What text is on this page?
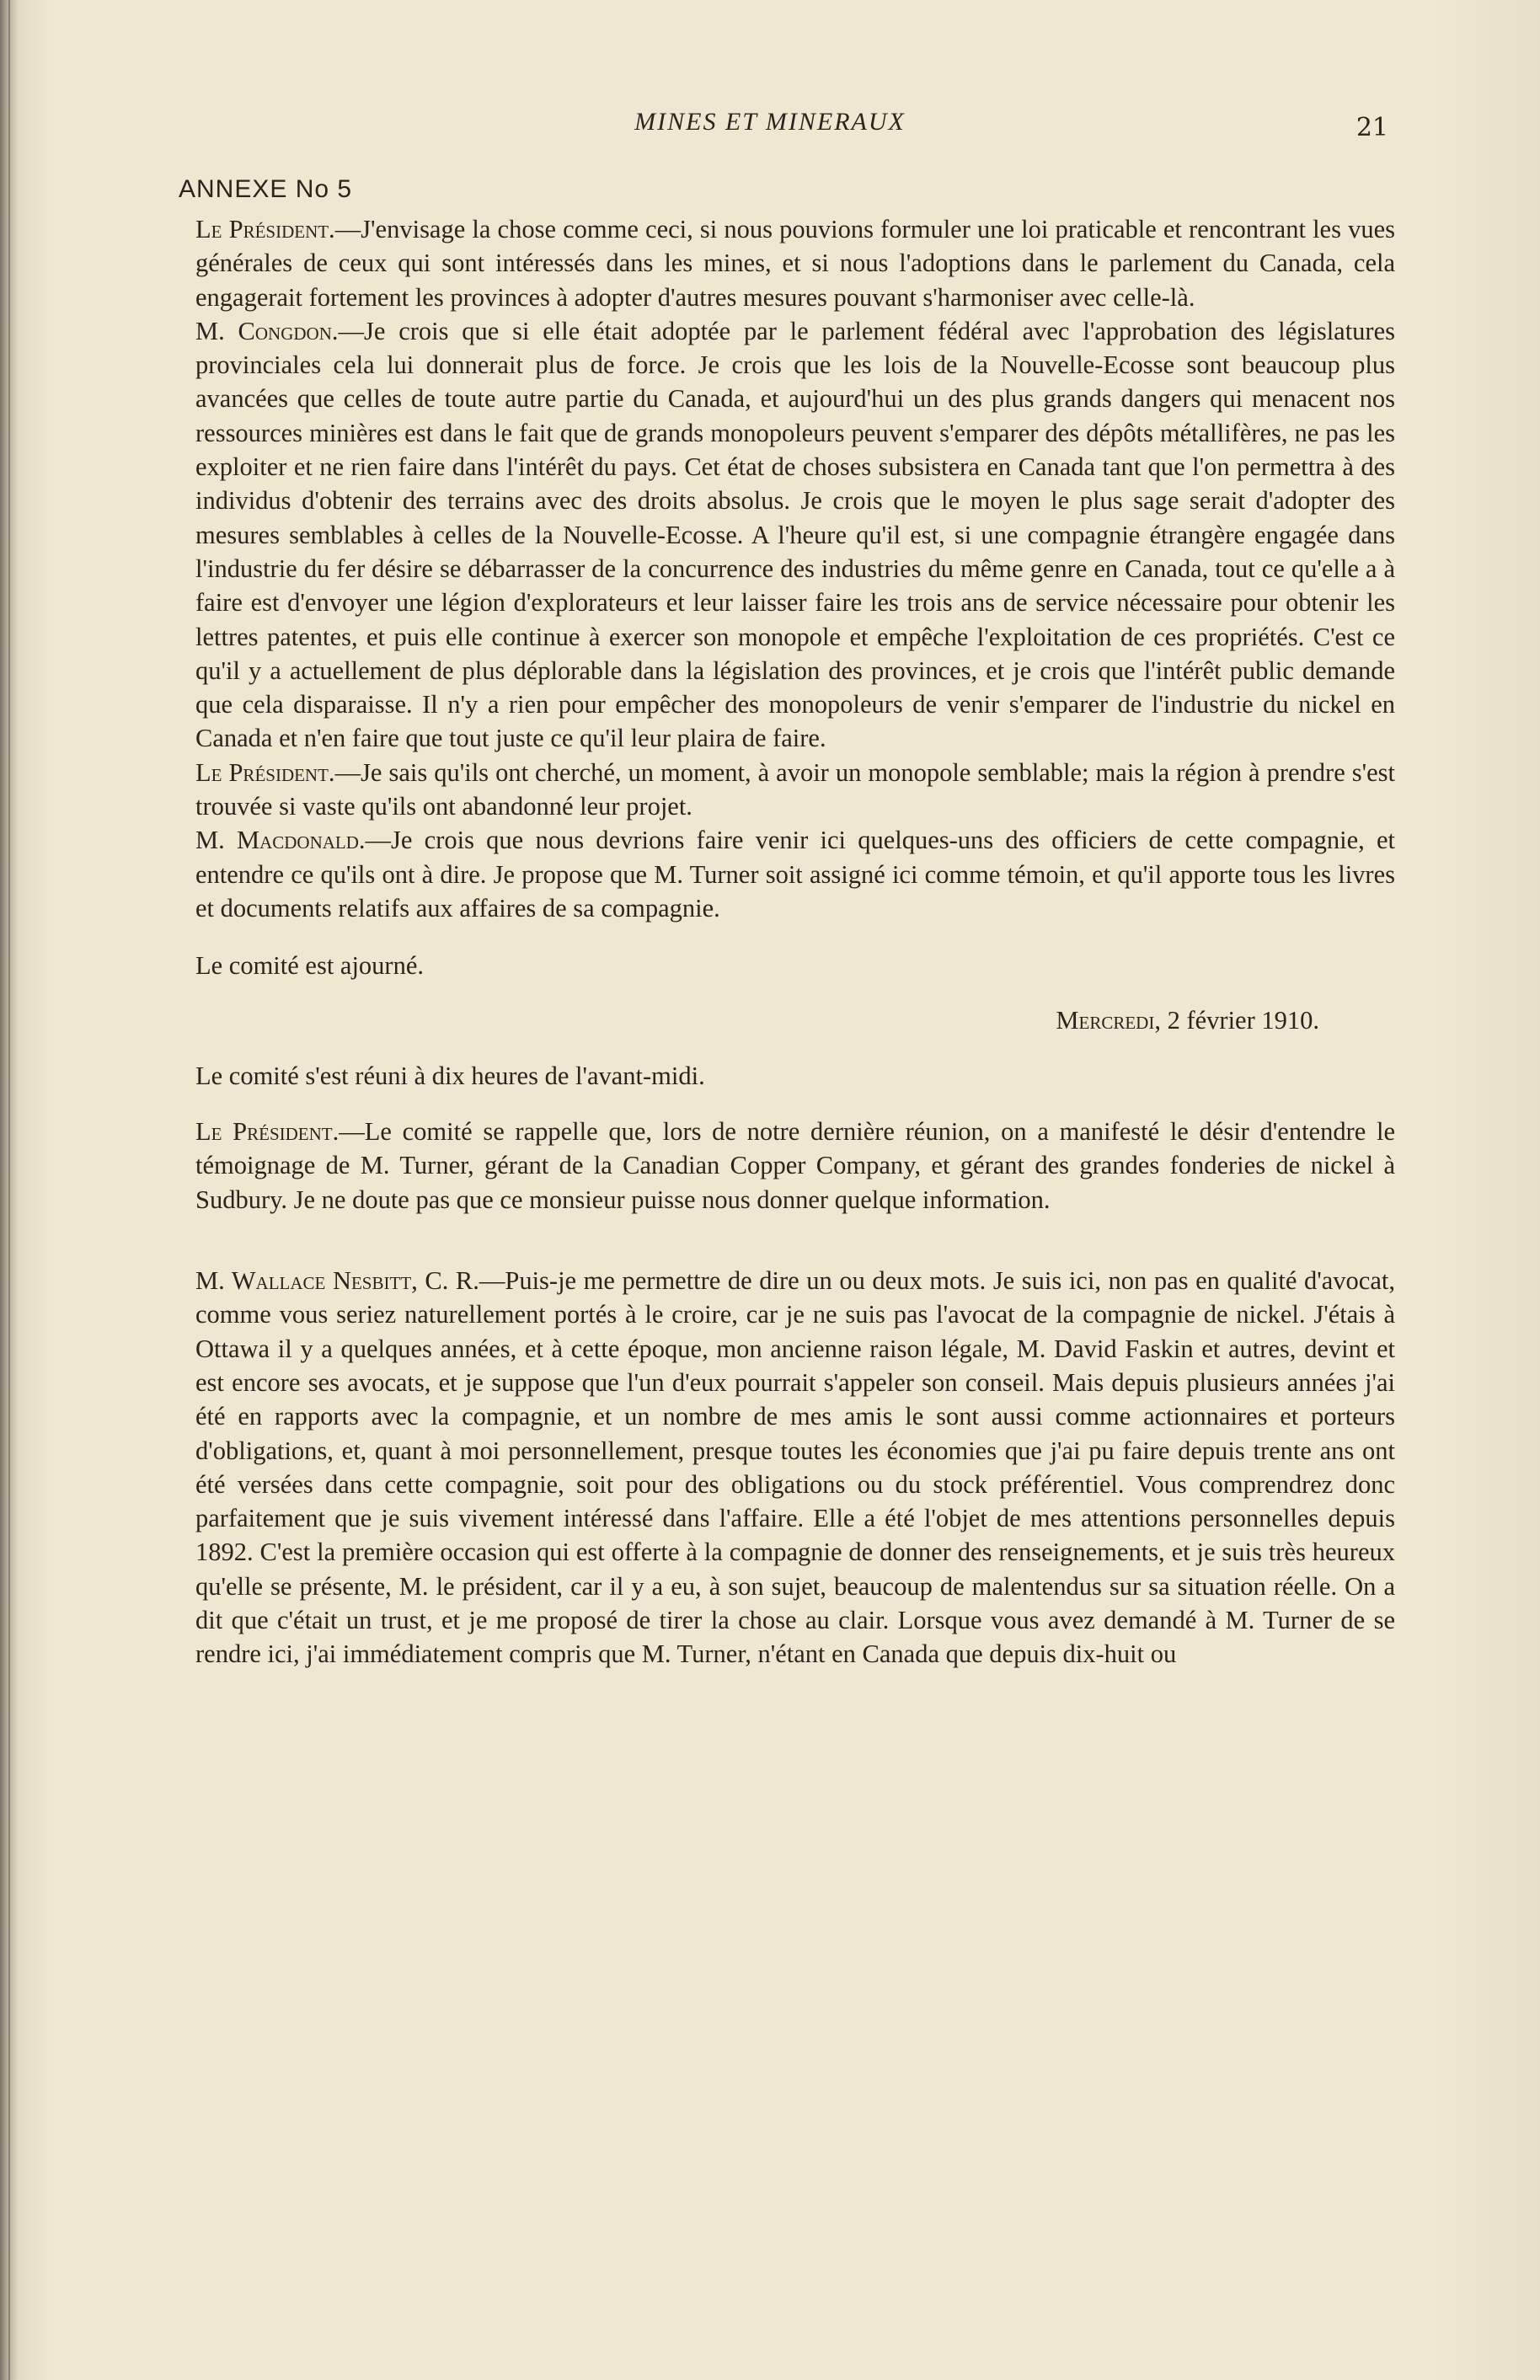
MINES ET MINERAUX	21
ANNEXE No 5

Le Président.—J'envisage la chose comme ceci, si nous pouvions formuler une loi praticable et rencontrant les vues générales de ceux qui sont intéressés dans les mines, et si nous l'adoptions dans le parlement du Canada, cela engagerait fortement les provinces à adopter d'autres mesures pouvant s'harmoniser avec celle-là.

M. Congdon.—Je crois que si elle était adoptée par le parlement fédéral avec l'approbation des législatures provinciales cela lui donnerait plus de force. Je crois que les lois de la Nouvelle-Ecosse sont beaucoup plus avancées que celles de toute autre partie du Canada, et aujourd'hui un des plus grands dangers qui menacent nos ressources minières est dans le fait que de grands monopoleurs peuvent s'emparer des dépôts métallifères, ne pas les exploiter et ne rien faire dans l'intérêt du pays. Cet état de choses subsistera en Canada tant que l'on permettra à des individus d'obtenir des terrains avec des droits absolus. Je crois que le moyen le plus sage serait d'adopter des mesures semblables à celles de la Nouvelle-Ecosse. A l'heure qu'il est, si une compagnie étrangère engagée dans l'industrie du fer désire se débarrasser de la concurrence des industries du même genre en Canada, tout ce qu'elle a à faire est d'envoyer une légion d'explorateurs et leur laisser faire les trois ans de service nécessaire pour obtenir les lettres patentes, et puis elle continue à exercer son monopole et empêche l'exploitation de ces propriétés. C'est ce qu'il y a actuellement de plus déplorable dans la législation des provinces, et je crois que l'intérêt public demande que cela disparaisse. Il n'y a rien pour empêcher des monopoleurs de venir s'emparer de l'industrie du nickel en Canada et n'en faire que tout juste ce qu'il leur plaira de faire.

Le Président.—Je sais qu'ils ont cherché, un moment, à avoir un monopole semblable; mais la région à prendre s'est trouvée si vaste qu'ils ont abandonné leur projet.

M. Macdonald.—Je crois que nous devrions faire venir ici quelques-uns des officiers de cette compagnie, et entendre ce qu'ils ont à dire. Je propose que M. Turner soit assigné ici comme témoin, et qu'il apporte tous les livres et documents relatifs aux affaires de sa compagnie.

Le comité est ajourné.

Mercredi, 2 février 1910.

Le comité s'est réuni à dix heures de l'avant-midi.

Le Président.—Le comité se rappelle que, lors de notre dernière réunion, on a manifesté le désir d'entendre le témoignage de M. Turner, gérant de la Canadian Copper Company, et gérant des grandes fonderies de nickel à Sudbury. Je ne doute pas que ce monsieur puisse nous donner quelque information.

M. Wallace Nesbitt, C. R.—Puis-je me permettre de dire un ou deux mots. Je suis ici, non pas en qualité d'avocat, comme vous seriez naturellement portés à le croire, car je ne suis pas l'avocat de la compagnie de nickel. J'étais à Ottawa il y a quelques années, et à cette époque, mon ancienne raison légale, M. David Faskin et autres, devint et est encore ses avocats, et je suppose que l'un d'eux pourrait s'appeler son conseil. Mais depuis plusieurs années j'ai été en rapports avec la compagnie, et un nombre de mes amis le sont aussi comme actionnaires et porteurs d'obligations, et, quant à moi personnellement, presque toutes les économies que j'ai pu faire depuis trente ans ont été versées dans cette compagnie, soit pour des obligations ou du stock préférentiel. Vous comprendrez donc parfaitement que je suis vivement intéressé dans l'affaire. Elle a été l'objet de mes attentions personnelles depuis 1892. C'est la première occasion qui est offerte à la compagnie de donner des renseignements, et je suis très heureux qu'elle se présente, M. le président, car il y a eu, à son sujet, beaucoup de malentendus sur sa situation réelle. On a dit que c'était un trust, et je me proposé de tirer la chose au clair. Lorsque vous avez demandé à M. Turner de se rendre ici, j'ai immédiatement compris que M. Turner, n'étant en Canada que depuis dix-huit ou
